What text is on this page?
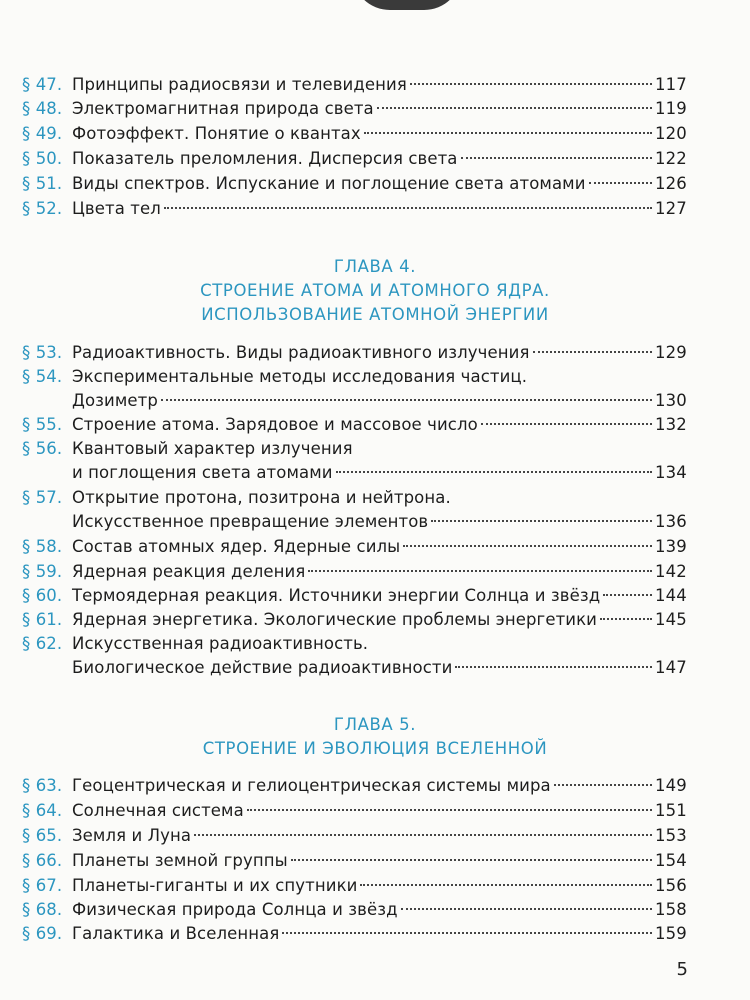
§ 47. Принципы радиосвязи и телевидения	117
§ 48. Электромагнитная природа света	119
§ 49. Фотоэффект. Понятие о квантах	120
§ 50. Показатель преломления. Дисперсия света	122
§ 51. Виды спектров. Испускание и поглощение света атомами	126
§ 52. Цвета тел	127
ГЛАВА 4.
СТРОЕНИЕ АТОМА И АТОМНОГО ЯДРА.
ИСПОЛЬЗОВАНИЕ АТОМНОЙ ЭНЕРГИИ
§ 53. Радиоактивность. Виды радиоактивного излучения	129
§ 54. Экспериментальные методы исследования частиц.
Дозиметр	130
§ 55. Строение атома. Зарядовое и массовое число	132
§ 56. Квантовый характер излучения
и поглощения света атомами	134
§ 57. Открытие протона, позитрона и нейтрона.
Искусственное превращение элементов	136
§ 58. Состав атомных ядер. Ядерные силы	139
§ 59. Ядерная реакция деления	142
§ 60. Термоядерная реакция. Источники энергии Солнца и звёзд	144
§ 61. Ядерная энергетика. Экологические проблемы энергетики	145
§ 62. Искусственная радиоактивность.
Биологическое действие радиоактивности	147
ГЛАВА 5.
СТРОЕНИЕ И ЭВОЛЮЦИЯ ВСЕЛЕННОЙ
§ 63. Геоцентрическая и гелиоцентрическая системы мира	149
§ 64. Солнечная система	151
§ 65. Земля и Луна	153
§ 66. Планеты земной группы	154
§ 67. Планеты-гиганты и их спутники	156
§ 68. Физическая природа Солнца и звёзд	158
§ 69. Галактика и Вселенная	159
5
